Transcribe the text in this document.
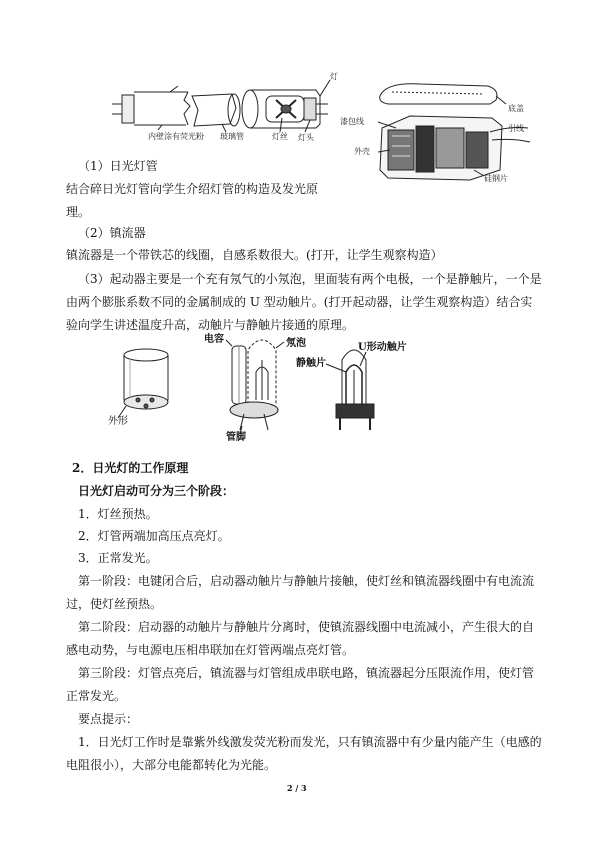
灯
内壁涂有荧光粉 玻璃管	灯丝 灯头
底盖
漆包线
引线
外壳
硅钢片
（1）日光灯管
结合碎日光灯管向学生介绍灯管的构造及发光原
理。
（2）镇流器
镇流器是一个带铁芯的线圈，自感系数很大。(打开，让学生观察构造）
（3）起动器主要是一个充有氖气的小氖泡，里面装有两个电极，一个是静触片，一个是
由两个膨胀系数不同的金属制成的 U 型动触片。(打开起动器，让学生观察构造）结合实
验向学生讲述温度升高，动触片与静触片接通的原理。
外形
电容	氖泡
静触片
U形动触片
管脚
2．日光灯的工作原理
日光灯启动可分为三个阶段：
1．灯丝预热。
2．灯管两端加高压点亮灯。
3．正常发光。
第一阶段：电键闭合后，启动器动触片与静触片接触，使灯丝和镇流器线圈中有电流流
过，使灯丝预热。
第二阶段：启动器的动触片与静触片分离时，使镇流器线圈中电流减小，产生很大的自
感电动势，与电源电压相串联加在灯管两端点亮灯管。
第三阶段：灯管点亮后，镇流器与灯管组成串联电路，镇流器起分压限流作用，使灯管
正常发光。
要点提示：
1．日光灯工作时是靠紫外线激发荧光粉而发光，只有镇流器中有少量内能产生（电感的
电阻很小），大部分电能都转化为光能。
2 / 3
